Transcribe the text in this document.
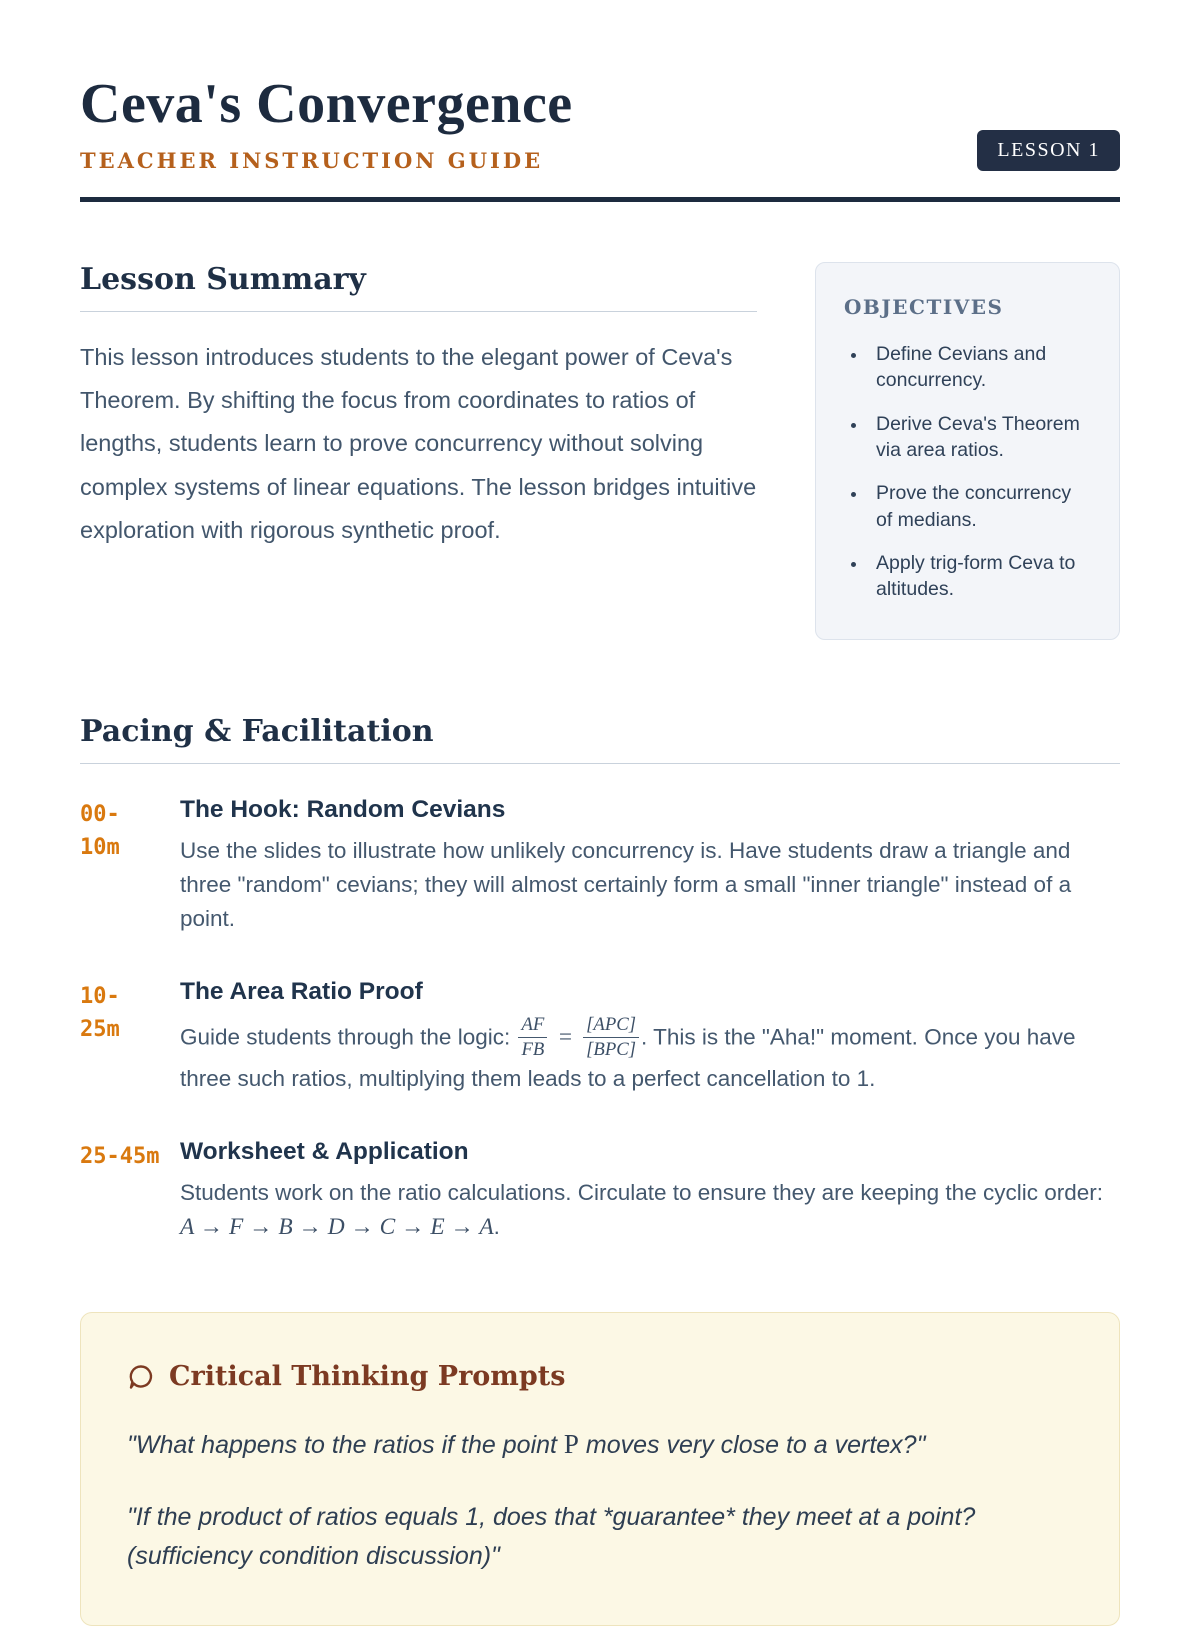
Ceva's Convergence
TEACHER INSTRUCTION GUIDE	LESSON 1
Lesson Summary

This lesson introduces students to the elegant power of Ceva's Theorem. By shifting the focus from coordinates to ratios of lengths, students learn to prove concurrency without solving complex systems of linear equations. The lesson bridges intuitive exploration with rigorous synthetic proof.

OBJECTIVES
• Define Cevians and concurrency.
• Derive Ceva's Theorem via area ratios.
• Prove the concurrency of medians.
• Apply trig-form Ceva to altitudes.
Pacing & Facilitation
00-
10m
The Hook: Random Cevians

Use the slides to illustrate how unlikely concurrency is. Have students draw a triangle and three "random" cevians; they will almost certainly form a small "inner triangle" instead of a point.

10-
25m
The Area Ratio Proof

Guide students through the logic: $\frac{AF}{FB} = \frac{\text{[APC]}}{\text{[BPC]}}$ . This is the "Aha!" moment. Once you have three such ratios, multiplying them leads to a perfect cancellation to 1.

25-45m Worksheet & Application

Students work on the ratio calculations. Circulate to ensure they are keeping the cyclic order: A → F → B → D → C → E → A.

Critical Thinking Prompts

"What happens to the ratios if the point P moves very close to a vertex?"

"If the product of ratios equals 1, does that *guarantee* they meet at a point? (sufficiency condition discussion)"
